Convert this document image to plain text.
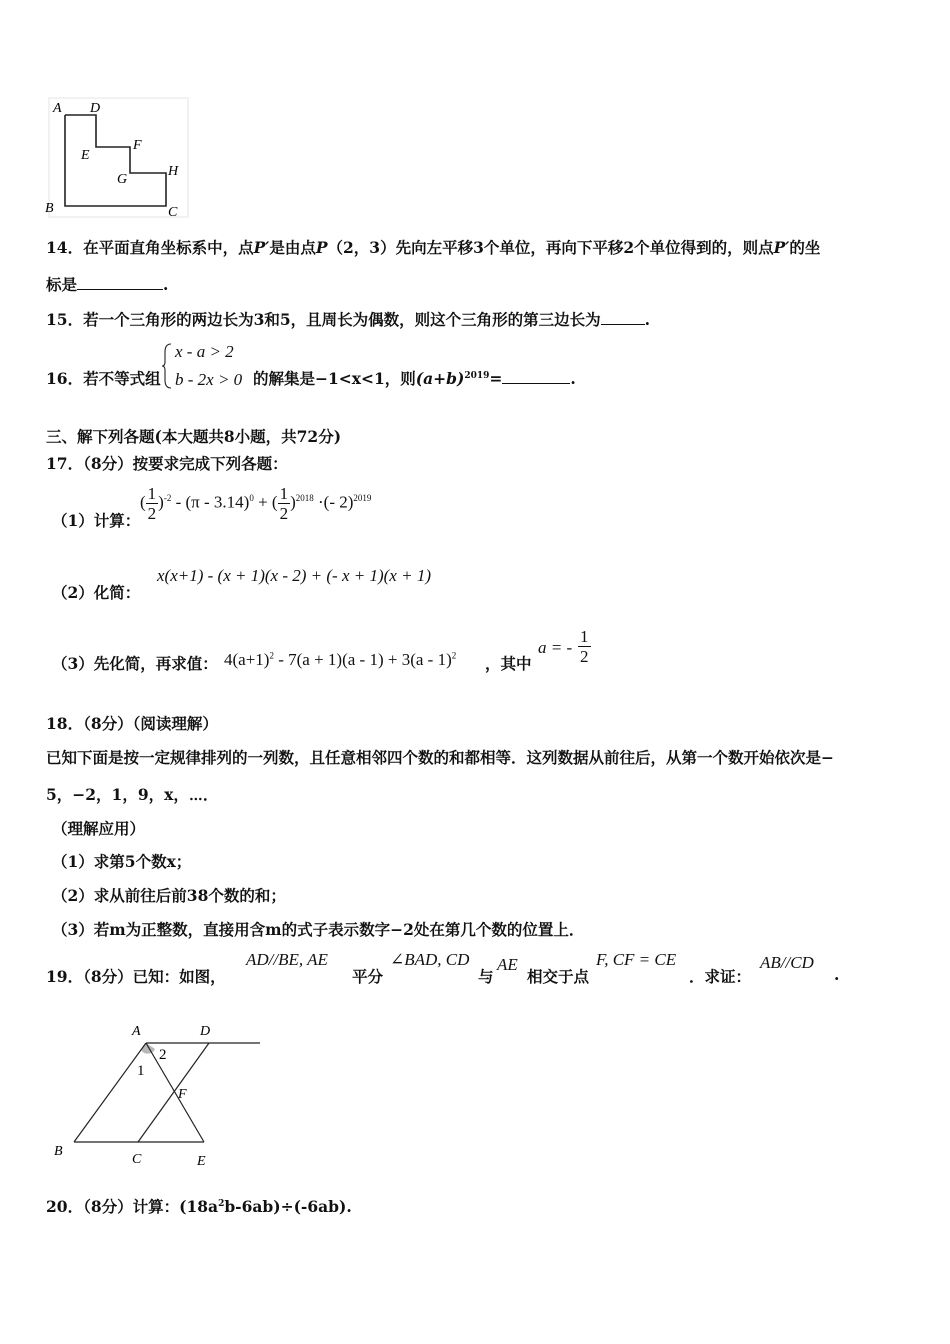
A D
E
F
G
H
B	C
14．在平面直角坐标系中，点P′是由点P（2，3）先向左平移3个单位，再向下平移2个单位得到的，则点P′的坐
标是	.
15．若一个三角形的两边长为3和5，且周长为偶数，则这个三角形的第三边长为	.
16．若不等式组
x - a > 2
b - 2x > 0 的解集是−1<x<1，则$(a+b)^{2019}=$	.
三、解下列各题(本大题共8小题，共72分)
17．（8分）按要求完成下列各题：
（1）计算：
( $\frac{1}{2} )^{-2} - (\pi - 3.14)^0$ + ( $\frac{1}{2} )^{2018}$ ·(- 2)$^{2019}$
（2）化简：
x(x+1) - (x + 1)(x - 2) + (- x + 1)(x + 1)
（3）先化简，再求值： $4(a+1)^2 - 7(a + 1)(a - 1) + 3(a - 1)^2$ ，其中
a = - $\frac{1}{2}$
18．（8分）（阅读理解）
已知下面是按一定规律排列的一列数，且任意相邻四个数的和都相等．这列数据从前往后，从第一个数开始依次是−
5，−2，1，9，x，⋯．
（理解应用）
（1）求第5个数x；
（2）求从前往后前38个数的和；
（3）若m为正整数，直接用含m的式子表示数字−2处在第几个数的位置上．
19．（8分）已知：如图，
AD//BE, AE
平分
∠BAD, CD
与
AE
相交于点
F, CF = CE
．求证：
AB//CD
.
A	D
B
C	E
F
1
2
20．（8分）计算：$(18a^2b-6ab)\div(-6ab)$.
